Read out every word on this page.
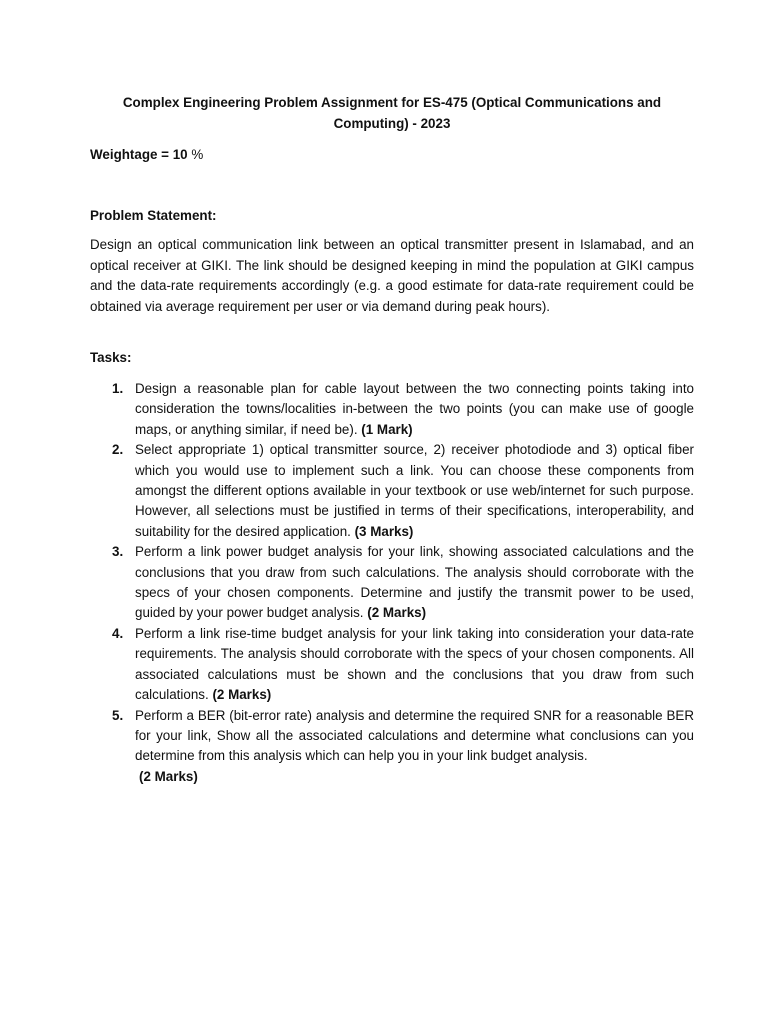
Complex Engineering Problem Assignment for ES-475 (Optical Communications and Computing) - 2023
Weightage = 10 %
Problem Statement:
Design an optical communication link between an optical transmitter present in Islamabad, and an optical receiver at GIKI. The link should be designed keeping in mind the population at GIKI campus and the data-rate requirements accordingly (e.g. a good estimate for data-rate requirement could be obtained via average requirement per user or via demand during peak hours).
Tasks:
1. Design a reasonable plan for cable layout between the two connecting points taking into consideration the towns/localities in-between the two points (you can make use of google maps, or anything similar, if need be). (1 Mark)
2. Select appropriate 1) optical transmitter source, 2) receiver photodiode and 3) optical fiber which you would use to implement such a link. You can choose these components from amongst the different options available in your textbook or use web/internet for such purpose. However, all selections must be justified in terms of their specifications, interoperability, and suitability for the desired application. (3 Marks)
3. Perform a link power budget analysis for your link, showing associated calculations and the conclusions that you draw from such calculations. The analysis should corroborate with the specs of your chosen components. Determine and justify the transmit power to be used, guided by your power budget analysis. (2 Marks)
4. Perform a link rise-time budget analysis for your link taking into consideration your data-rate requirements. The analysis should corroborate with the specs of your chosen components. All associated calculations must be shown and the conclusions that you draw from such calculations. (2 Marks)
5. Perform a BER (bit-error rate) analysis and determine the required SNR for a reasonable BER for your link, Show all the associated calculations and determine what conclusions can you determine from this analysis which can help you in your link budget analysis.
(2 Marks)
